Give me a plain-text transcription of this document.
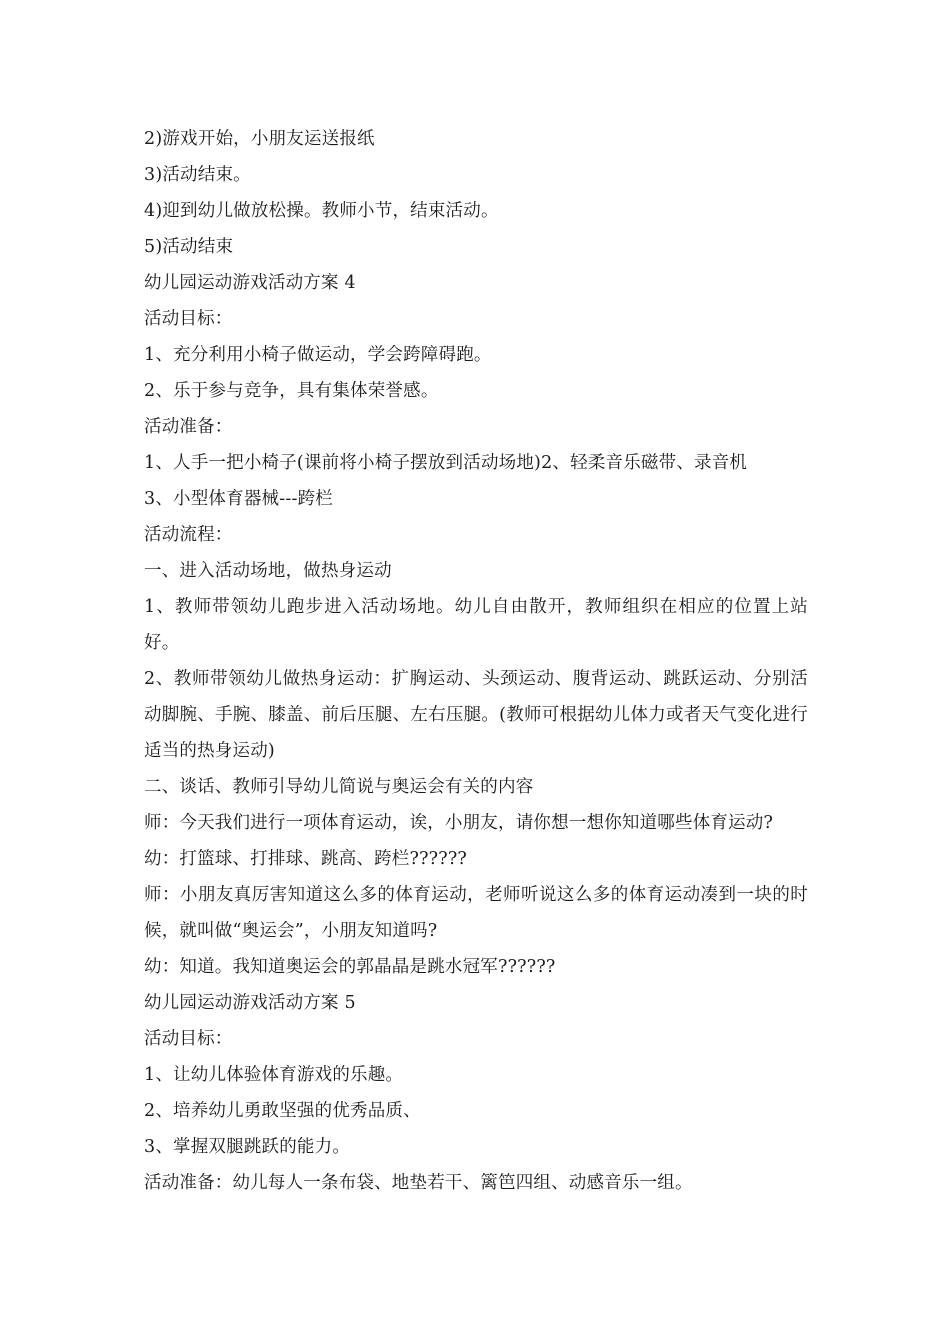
2)游戏开始，小朋友运送报纸

3)活动结束。

4)迎到幼儿做放松操。教师小节，结束活动。

5)活动结束

幼儿园运动游戏活动方案 4

活动目标：

1、充分利用小椅子做运动，学会跨障碍跑。

2、乐于参与竞争，具有集体荣誉感。

活动准备：

1、人手一把小椅子(课前将小椅子摆放到活动场地)2、轻柔音乐磁带、录音机

3、小型体育器械---跨栏

活动流程：

一、进入活动场地，做热身运动

1、教师带领幼儿跑步进入活动场地。幼儿自由散开，教师组织在相应的位置上站好。

2、教师带领幼儿做热身运动：扩胸运动、头颈运动、腹背运动、跳跃运动、分别活动脚腕、手腕、膝盖、前后压腿、左右压腿。(教师可根据幼儿体力或者天气变化进行适当的热身运动)

二、谈话、教师引导幼儿简说与奥运会有关的内容

师：今天我们进行一项体育运动，诶，小朋友，请你想一想你知道哪些体育运动?

幼：打篮球、打排球、跳高、跨栏??????

师：小朋友真厉害知道这么多的体育运动，老师听说这么多的体育运动凑到一块的时候，就叫做“奥运会”，小朋友知道吗?

幼：知道。我知道奥运会的郭晶晶是跳水冠军??????

幼儿园运动游戏活动方案 5

活动目标：

1、让幼儿体验体育游戏的乐趣。

2、培养幼儿勇敢坚强的优秀品质、

3、掌握双腿跳跃的能力。

活动准备：幼儿每人一条布袋、地垫若干、篱笆四组、动感音乐一组。
